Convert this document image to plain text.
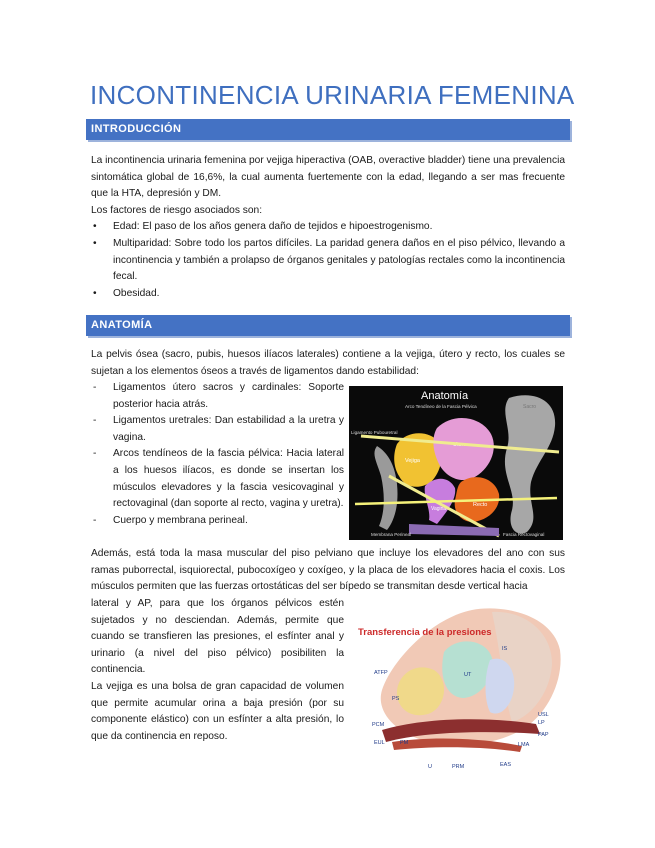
INCONTINENCIA URINARIA FEMENINA
INTRODUCCIÓN

La incontinencia urinaria femenina por vejiga hiperactiva (OAB, overactive bladder) tiene una prevalencia sintomática global de 16,6%, la cual aumenta fuertemente con la edad, llegando a ser mas frecuente que la HTA, depresión y DM.

Los factores de riesgo asociados son:

• Edad: El paso de los años genera daño de tejidos e hipoestrogenismo.
• Multiparidad: Sobre todo los partos difíciles. La paridad genera daños en el piso pélvico, llevando a incontinencia y también a prolapso de órganos genitales y patologías rectales como la incontinencia fecal.
• Obesidad.
ANATOMÍA
La pelvis ósea (sacro, pubis, huesos ilíacos laterales) contiene a la vejiga, útero y recto, los cuales se sujetan a los elementos óseos a través de ligamentos dando estabilidad:
- Ligamentos útero sacros y cardinales: Soporte posterior hacia atrás.
- Ligamentos uretrales: Dan estabilidad a la uretra y vagina.
- Arcos tendíneos de la fascia pélvica: Hacia lateral a los huesos ilíacos, es donde se insertan los músculos elevadores y la fascia vesicovaginal y rectovaginal (dan soporte al recto, vagina y uretra).
- Cuerpo y membrana perineal.
Anatomía
Sacro
Vejiga
Vagina
Recto
Arco Tendíneo de la Fascia Pélvica
Ligamento Pubouretral
Membrana Perineal	Fascia Rectovaginal
Además, está toda la masa muscular del piso pelviano que incluye los elevadores del ano con sus ramas puborrectal, isquiorectal, pubocoxígeo y coxígeo, y la placa de los elevadores hacia el coxis. Los músculos permiten que las fuerzas ortostáticas del ser bípedo se transmitan desde vertical hacia

lateral y AP, para que los órganos pélvicos estén sujetados y no desciendan. Además, permite que cuando se transfieren las presiones, el esfínter anal y urinario (a nivel del piso pélvico) posibiliten la continencia.

La vejiga es una bolsa de gran capacidad de volumen que permite acumular orina a baja presión (por su componente elástico) con un esfínter a alta presión, lo que da continencia en reposo.

Transferencia de la presiones
ATFP
IS
UT
USL
LP
PAP
LMA
EAS
PRM
U
PM
EUL
PCM
PS
